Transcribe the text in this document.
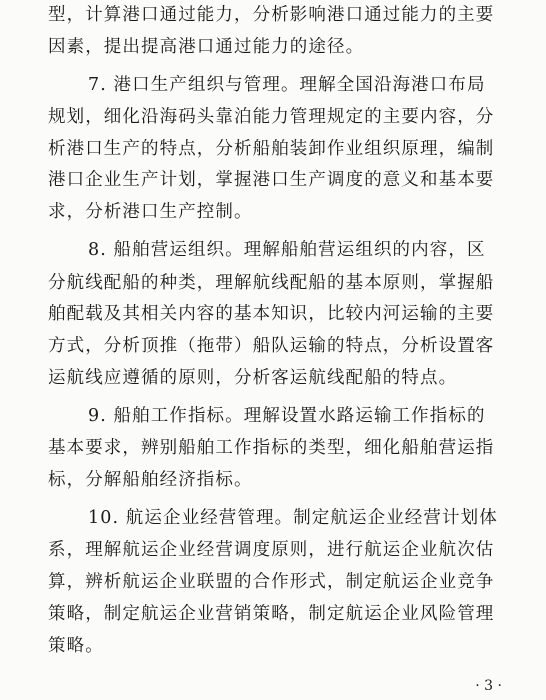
型，计算港口通过能力，分析影响港口通过能力的主要
因素，提出提高港口通过能力的途径。
7. 港口生产组织与管理。理解全国沿海港口布局
规划，细化沿海码头靠泊能力管理规定的主要内容，分
析港口生产的特点，分析船舶装卸作业组织原理，编制
港口企业生产计划，掌握港口生产调度的意义和基本要
求，分析港口生产控制。
8. 船舶营运组织。理解船舶营运组织的内容，区
分航线配船的种类，理解航线配船的基本原则，掌握船
舶配载及其相关内容的基本知识，比较内河运输的主要
方式，分析顶推（拖带）船队运输的特点，分析设置客
运航线应遵循的原则，分析客运航线配船的特点。
9. 船舶工作指标。理解设置水路运输工作指标的
基本要求，辨别船舶工作指标的类型，细化船舶营运指
标，分解船舶经济指标。
10. 航运企业经营管理。制定航运企业经营计划体
系，理解航运企业经营调度原则，进行航运企业航次估
算，辨析航运企业联盟的合作形式，制定航运企业竞争
策略，制定航运企业营销策略，制定航运企业风险管理
策略。
· 3 ·
